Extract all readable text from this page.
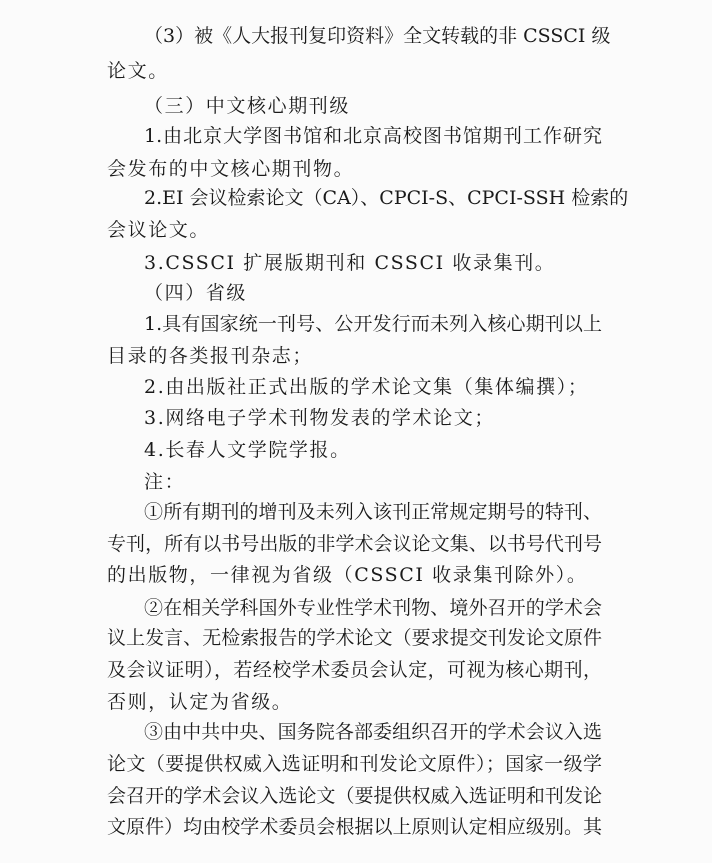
（3）被《人大报刊复印资料》全文转载的非 CSSCI 级
论文。
（三）中文核心期刊级
1.由北京大学图书馆和北京高校图书馆期刊工作研究
会发布的中文核心期刊物。
2.EI 会议检索论文（CA）、CPCI-S、CPCI-SSH 检索的
会议论文。
3.CSSCI 扩展版期刊和 CSSCI 收录集刊。
（四）省级
1.具有国家统一刊号、公开发行而未列入核心期刊以上
目录的各类报刊杂志；
2.由出版社正式出版的学术论文集（集体编撰）；
3.网络电子学术刊物发表的学术论文；
4.长春人文学院学报。
注：
①所有期刊的增刊及未列入该刊正常规定期号的特刊、
专刊，所有以书号出版的非学术会议论文集、以书号代刊号
的出版物，一律视为省级（CSSCI 收录集刊除外）。
②在相关学科国外专业性学术刊物、境外召开的学术会
议上发言、无检索报告的学术论文（要求提交刊发论文原件
及会议证明），若经校学术委员会认定，可视为核心期刊，
否则，认定为省级。
③由中共中央、国务院各部委组织召开的学术会议入选
论文（要提供权威入选证明和刊发论文原件）；国家一级学
会召开的学术会议入选论文（要提供权威入选证明和刊发论
文原件）均由校学术委员会根据以上原则认定相应级别。其
